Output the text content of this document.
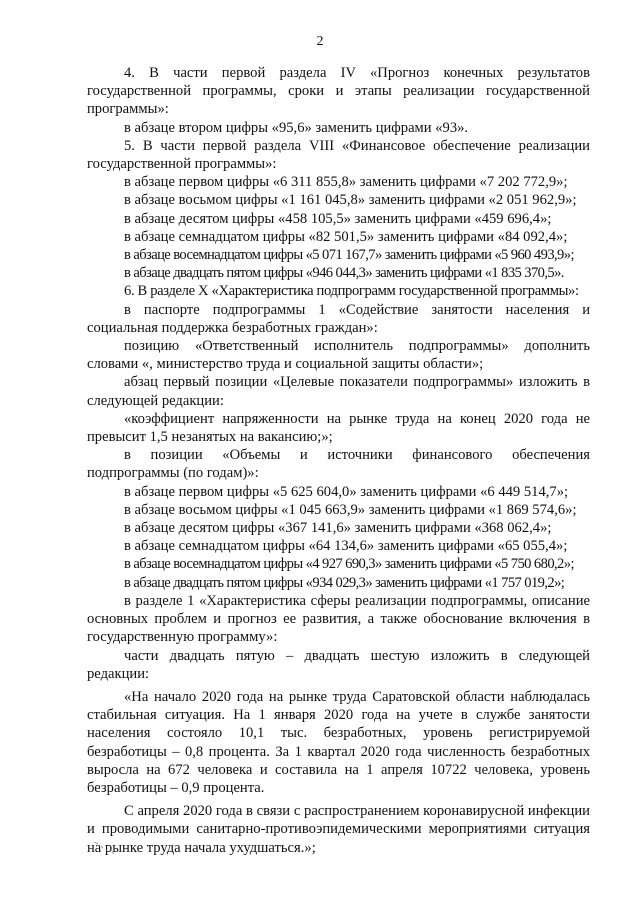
2

4. В части первой раздела IV «Прогноз конечных результатов государственной программы, сроки и этапы реализации государственной программы»:

в абзаце втором цифры «95,6» заменить цифрами «93».

5. В части первой раздела VIII «Финансовое обеспечение реализации государственной программы»:

в абзаце первом цифры «6 311 855,8» заменить цифрами «7 202 772,9»;

в абзаце восьмом цифры «1 161 045,8» заменить цифрами «2 051 962,9»;

в абзаце десятом цифры «458 105,5» заменить цифрами «459 696,4»;

в абзаце семнадцатом цифры «82 501,5» заменить цифрами «84 092,4»;

в абзаце восемнадцатом цифры «5 071 167,7» заменить цифрами «5 960 493,9»;

в абзаце двадцать пятом цифры «946 044,3» заменить цифрами «1 835 370,5».

6. В разделе X «Характеристика подпрограмм государственной программы»:

в паспорте подпрограммы 1 «Содействие занятости населения и социальная поддержка безработных граждан»:

позицию «Ответственный исполнитель подпрограммы» дополнить словами «, министерство труда и социальной защиты области»;

абзац первый позиции «Целевые показатели подпрограммы» изложить в следующей редакции:

«коэффициент напряженности на рынке труда на конец 2020 года не превысит 1,5 незанятых на вакансию;»;

в позиции «Объемы и источники финансового обеспечения подпрограммы (по годам)»:

в абзаце первом цифры «5 625 604,0» заменить цифрами «6 449 514,7»;

в абзаце восьмом цифры «1 045 663,9» заменить цифрами «1 869 574,6»;

в абзаце десятом цифры «367 141,6» заменить цифрами «368 062,4»;

в абзаце семнадцатом цифры «64 134,6» заменить цифрами «65 055,4»;

в абзаце восемнадцатом цифры «4 927 690,3» заменить цифрами «5 750 680,2»;

в абзаце двадцать пятом цифры «934 029,3» заменить цифрами «1 757 019,2»;

в разделе 1 «Характеристика сферы реализации подпрограммы, описание основных проблем и прогноз ее развития, а также обоснование включения в государственную программу»:

части двадцать пятую – двадцать шестую изложить в следующей редакции:

«На начало 2020 года на рынке труда Саратовской области наблюдалась стабильная ситуация. На 1 января 2020 года на учете в службе занятости населения состояло 10,1 тыс. безработных, уровень регистрируемой безработицы – 0,8 процента. За 1 квартал 2020 года численность безработных выросла на 672 человека и составила на 1 апреля 10722 человека, уровень безработицы – 0,9 процента.

С апреля 2020 года в связи с распространением коронавирусной инфекции и проводимыми санитарно-противоэпидемическими мероприятиями ситуация на рынке труда начала ухудшаться.»;
